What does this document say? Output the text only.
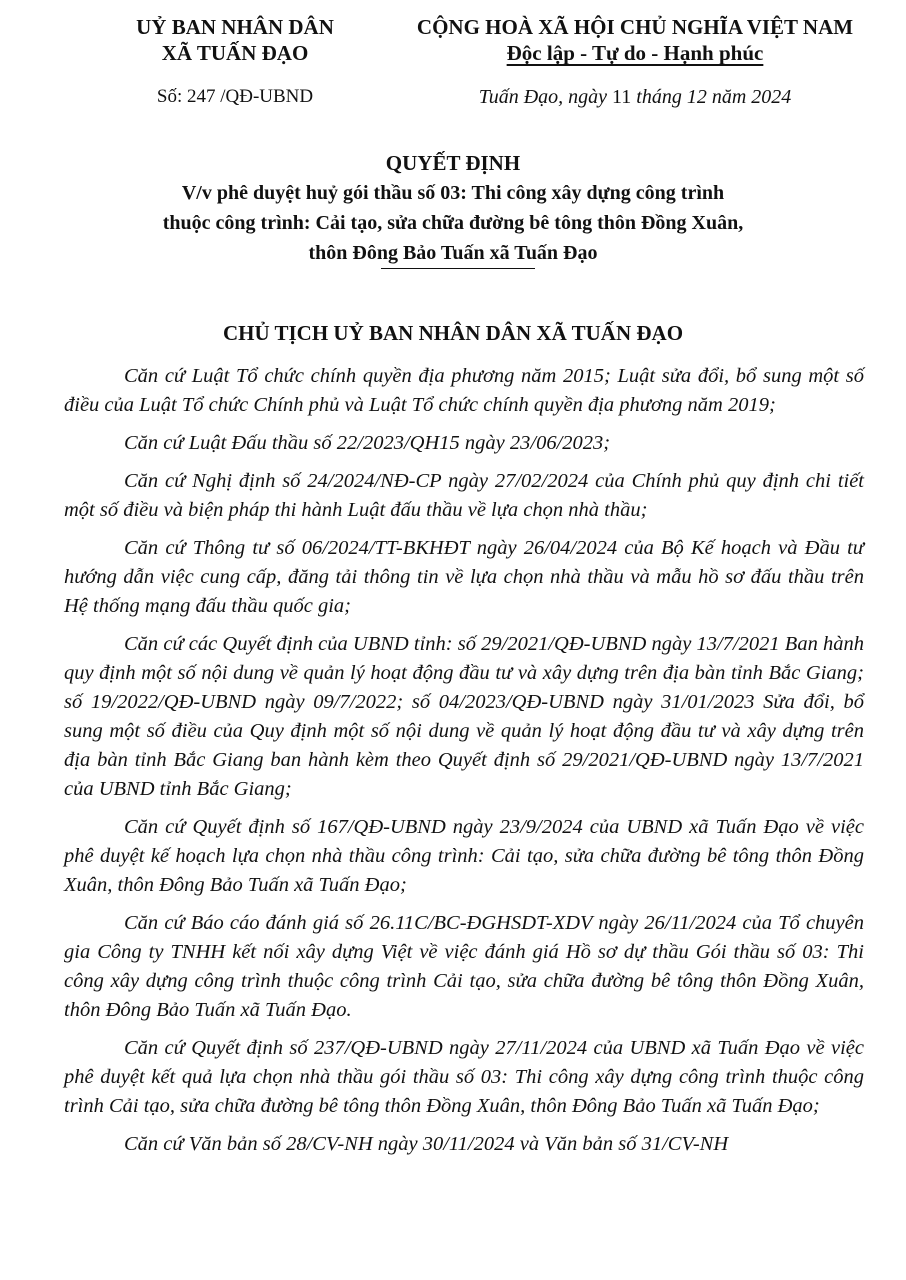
UỶ BAN NHÂN DÂN
XÃ TUẤN ĐẠO
CỘNG HOÀ XÃ HỘI CHỦ NGHĨA VIỆT NAM
Độc lập - Tự do - Hạnh phúc
Số: 247 /QĐ-UBND	Tuấn Đạo, ngày 11 tháng 12 năm 2024
QUYẾT ĐỊNH
V/v phê duyệt huỷ gói thầu số 03: Thi công xây dựng công trình
thuộc công trình: Cải tạo, sửa chữa đường bê tông thôn Đồng Xuân,
thôn Đông Bảo Tuấn xã Tuấn Đạo
CHỦ TỊCH UỶ BAN NHÂN DÂN XÃ TUẤN ĐẠO

Căn cứ Luật Tổ chức chính quyền địa phương năm 2015; Luật sửa đổi, bổ sung một số điều của Luật Tổ chức Chính phủ và Luật Tổ chức chính quyền địa phương năm 2019;

Căn cứ Luật Đấu thầu số 22/2023/QH15 ngày 23/06/2023;

Căn cứ Nghị định số 24/2024/NĐ-CP ngày 27/02/2024 của Chính phủ quy định chi tiết một số điều và biện pháp thi hành Luật đấu thầu về lựa chọn nhà thầu;

Căn cứ Thông tư số 06/2024/TT-BKHĐT ngày 26/04/2024 của Bộ Kế hoạch và Đầu tư hướng dẫn việc cung cấp, đăng tải thông tin về lựa chọn nhà thầu và mẫu hồ sơ đấu thầu trên Hệ thống mạng đấu thầu quốc gia;

Căn cứ các Quyết định của UBND tỉnh: số 29/2021/QĐ-UBND ngày 13/7/2021 Ban hành quy định một số nội dung về quản lý hoạt động đầu tư và xây dựng trên địa bàn tỉnh Bắc Giang; số 19/2022/QĐ-UBND ngày 09/7/2022; số 04/2023/QĐ-UBND ngày 31/01/2023 Sửa đổi, bổ sung một số điều của Quy định một số nội dung về quản lý hoạt động đầu tư và xây dựng trên địa bàn tỉnh Bắc Giang ban hành kèm theo Quyết định số 29/2021/QĐ-UBND ngày 13/7/2021 của UBND tỉnh Bắc Giang;

Căn cứ Quyết định số 167/QĐ-UBND ngày 23/9/2024 của UBND xã Tuấn Đạo về việc phê duyệt kế hoạch lựa chọn nhà thầu công trình: Cải tạo, sửa chữa đường bê tông thôn Đồng Xuân, thôn Đông Bảo Tuấn xã Tuấn Đạo;

Căn cứ Báo cáo đánh giá số 26.11C/BC-ĐGHSDT-XDV ngày 26/11/2024 của Tổ chuyên gia Công ty TNHH kết nối xây dựng Việt về việc đánh giá Hồ sơ dự thầu Gói thầu số 03: Thi công xây dựng công trình thuộc công trình Cải tạo, sửa chữa đường bê tông thôn Đồng Xuân, thôn Đông Bảo Tuấn xã Tuấn Đạo.

Căn cứ Quyết định số 237/QĐ-UBND ngày 27/11/2024 của UBND xã Tuấn Đạo về việc phê duyệt kết quả lựa chọn nhà thầu gói thầu số 03: Thi công xây dựng công trình thuộc công trình Cải tạo, sửa chữa đường bê tông thôn Đồng Xuân, thôn Đông Bảo Tuấn xã Tuấn Đạo;

Căn cứ Văn bản số 28/CV-NH ngày 30/11/2024 và Văn bản số 31/CV-NH
